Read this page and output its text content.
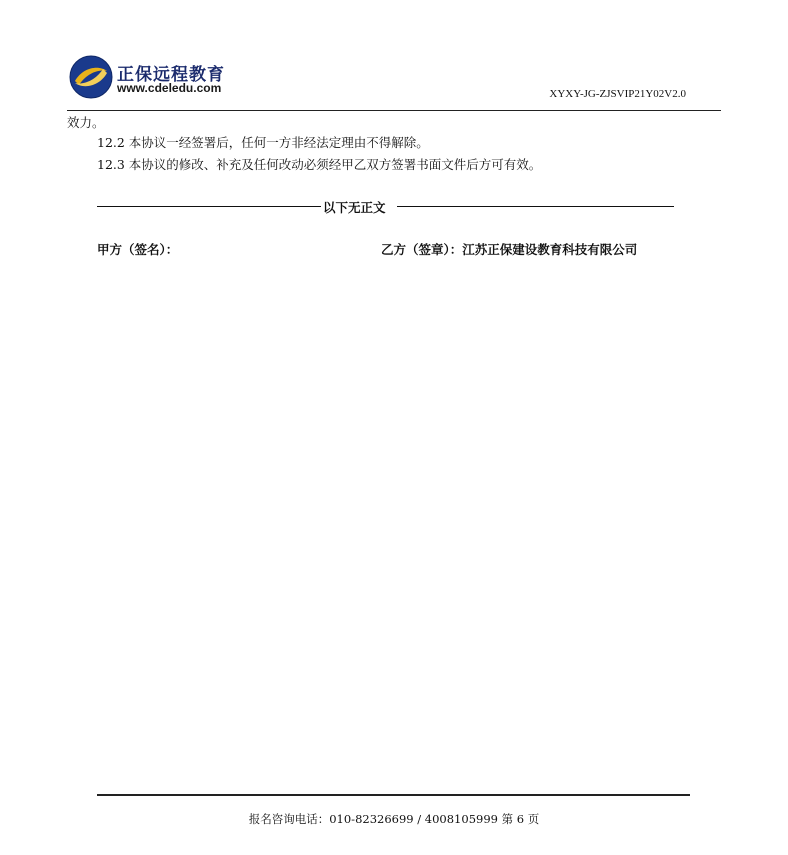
正保远程教育
www.cdeledu.com	XYXY-JG-ZJSVIP21Y02V2.0
效力。
12.2 本协议一经签署后，任何一方非经法定理由不得解除。
12.3 本协议的修改、补充及任何改动必须经甲乙双方签署书面文件后方可有效。
以下无正文
甲方（签名）：	乙方（签章）：江苏正保建设教育科技有限公司
报名咨询电话：010-82326699 / 4008105999 第 6 页
